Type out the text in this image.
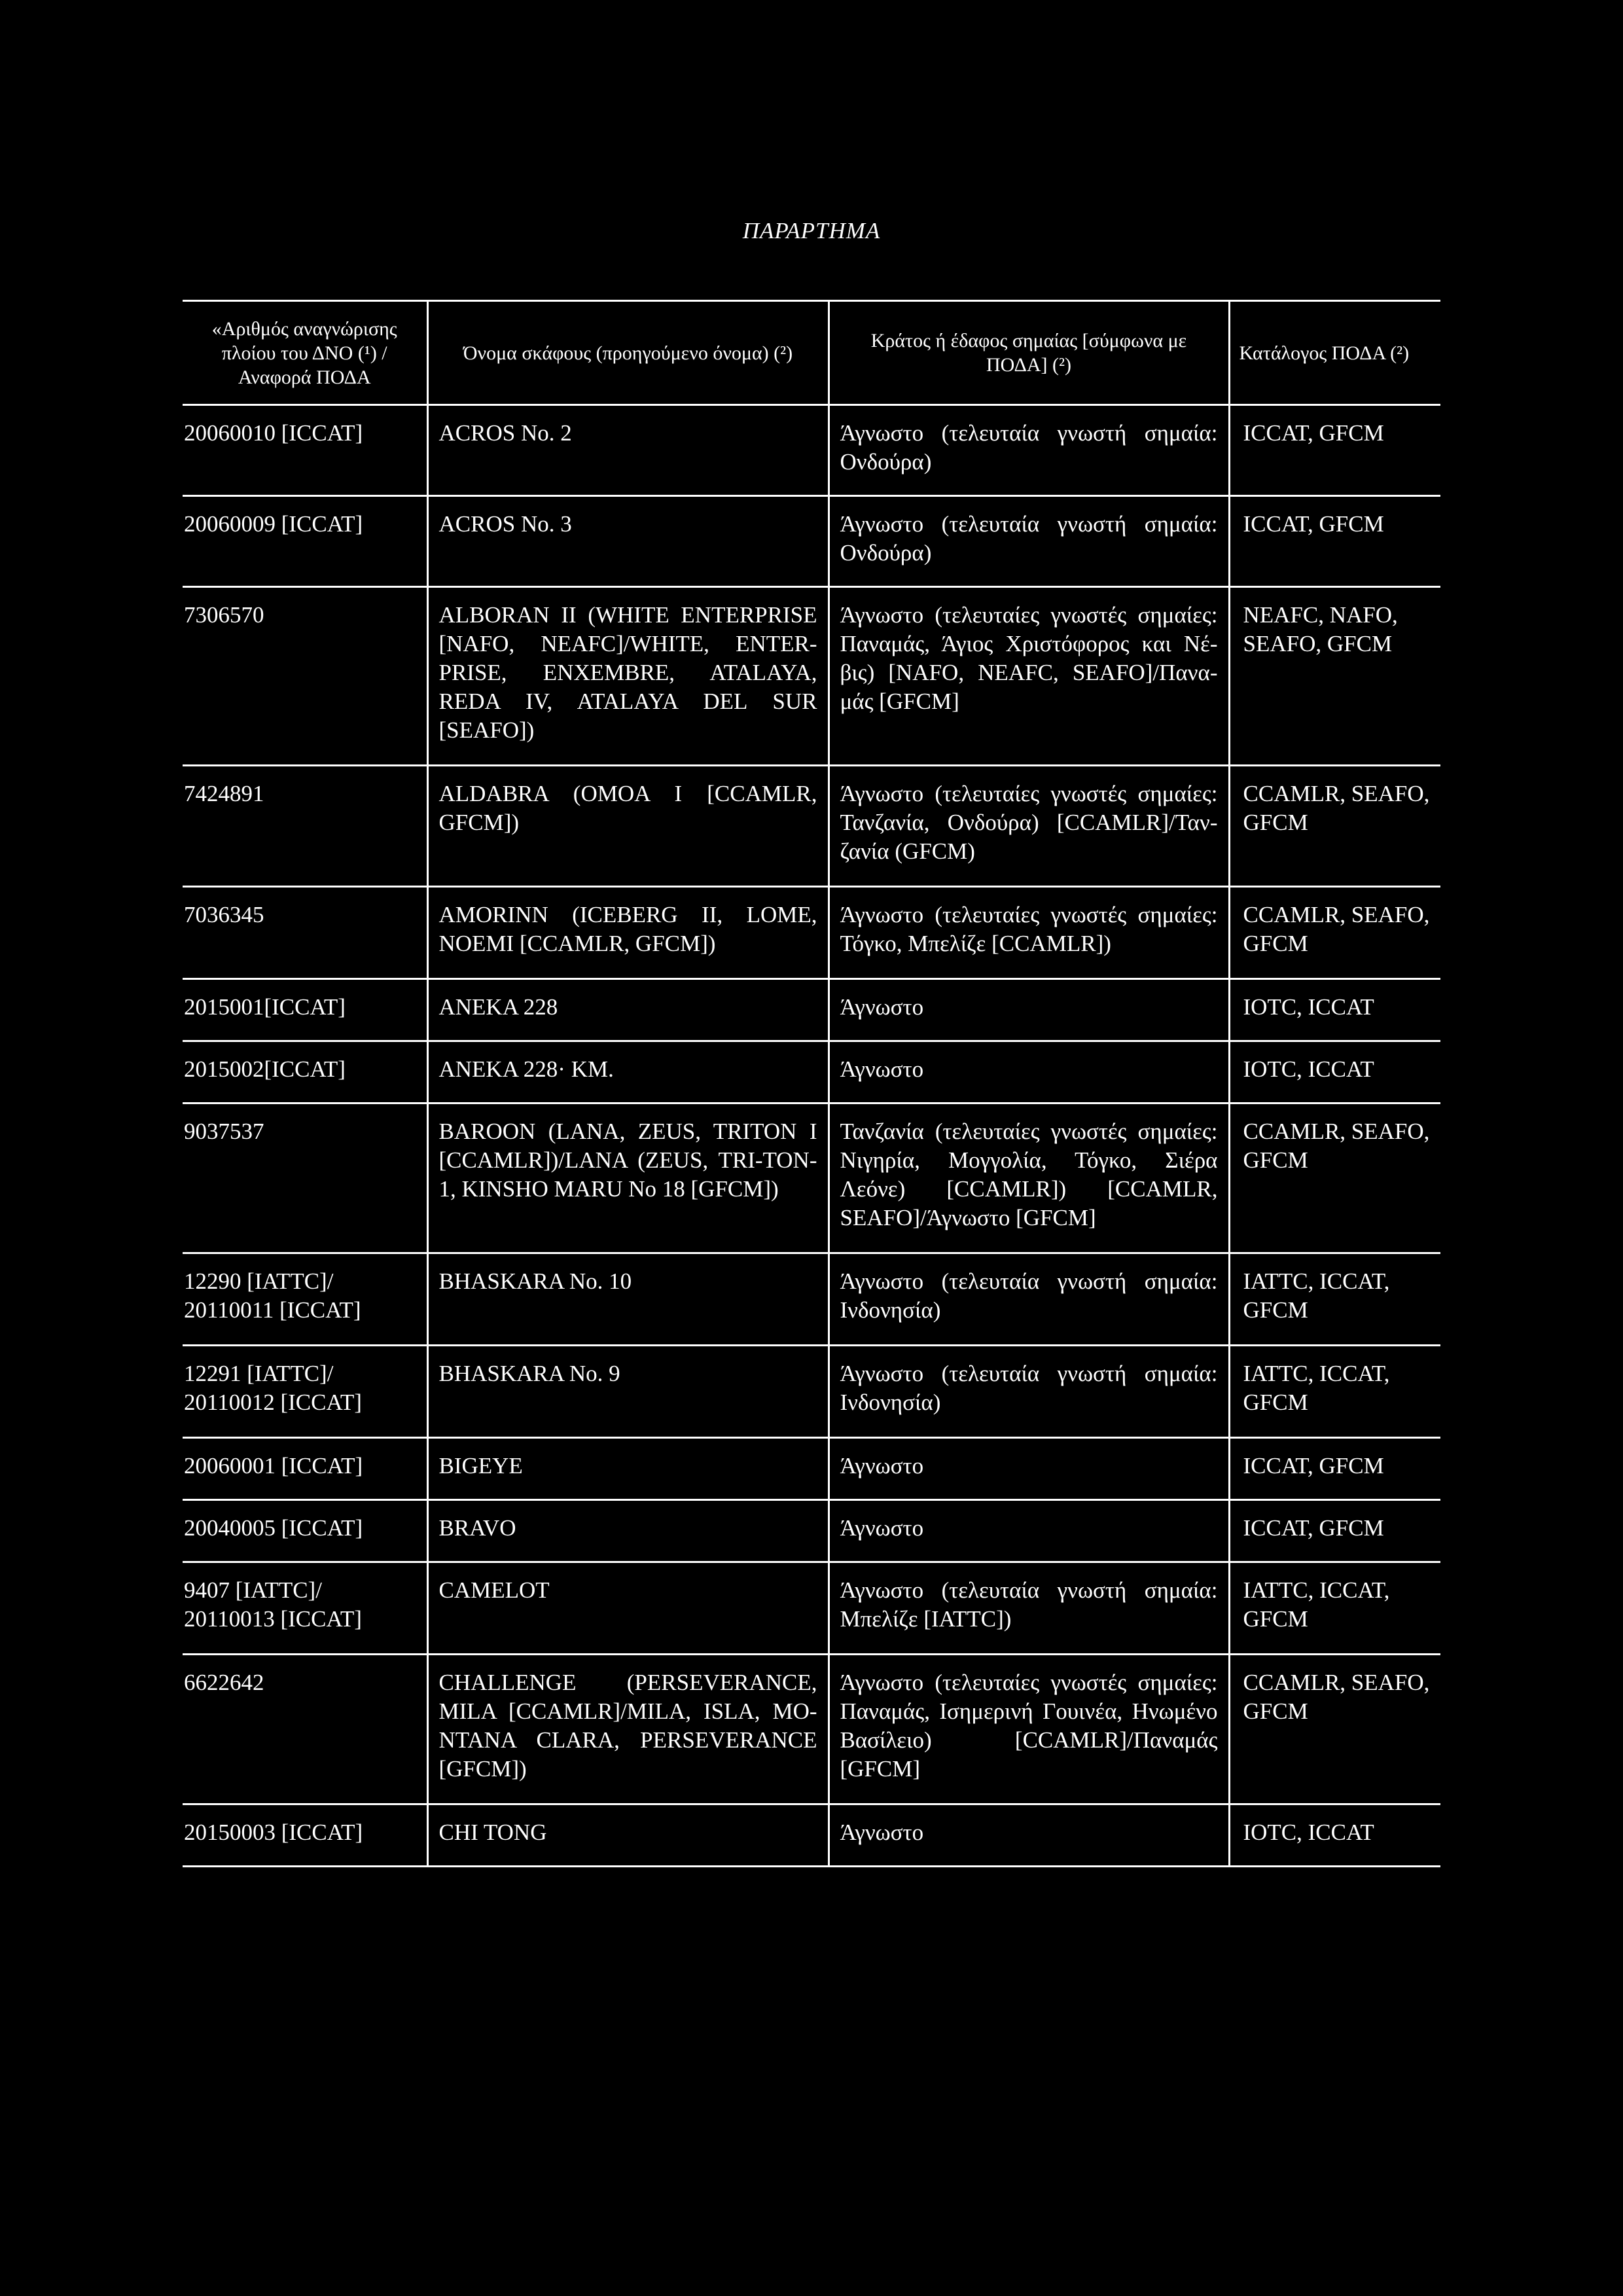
ΠΑΡΑΡΤΗΜΑ
«Αριθμός αναγνώρισης πλοίου του ΔΝΟ (¹) / Αναφορά ΠΟΔΑ	Όνομα σκάφους (προηγούμενο όνομα) (²)	Κράτος ή έδαφος σημαίας [σύμφωνα με ΠΟΔΑ] (²)	Κατάλογος ΠΟΔΑ (²)
20060010 [ICCAT]	ACROS No. 2	Άγνωστο (τελευταία γνωστή σημαία: Ονδούρα)	ICCAT, GFCM
20060009 [ICCAT]	ACROS No. 3	Άγνωστο (τελευταία γνωστή σημαία: Ονδούρα)	ICCAT, GFCM
7306570	ALBORAN II (WHITE ENTERPRISE [NAFO, NEAFC]/WHITE, ENTER-PRISE, ENXEMBRE, ATALAYA, REDA IV, ATALAYA DEL SUR [SEAFO])	Άγνωστο (τελευταίες γνωστές σημαίες: Παναμάς, Άγιος Χριστόφορος και Νέ-βις) [NAFO, NEAFC, SEAFO]/Πανα-μάς [GFCM]	NEAFC, NAFO, SEAFO, GFCM
7424891	ALDABRA (OMOA I [CCAMLR, GFCM])	Άγνωστο (τελευταίες γνωστές σημαίες: Τανζανία, Ονδούρα) [CCAMLR]/Ταν-ζανία (GFCM)	CCAMLR, SEAFO, GFCM
7036345	AMORINN (ICEBERG II, LOME, NOEMI [CCAMLR, GFCM])	Άγνωστο (τελευταίες γνωστές σημαίες: Τόγκο, Μπελίζε [CCAMLR])	CCAMLR, SEAFO, GFCM
2015001[ICCAT]	ANEKA 228	Άγνωστο	IOTC, ICCAT
2015002[ICCAT]	ANEKA 228· KM.	Άγνωστο	IOTC, ICCAT
9037537	BAROON (LANA, ZEUS, TRITON I [CCAMLR])/LANA (ZEUS, TRI-TON-1, KINSHO MARU No 18 [GFCM])	Τανζανία (τελευταίες γνωστές σημαίες: Νιγηρία, Μογγολία, Τόγκο, Σιέρα Λεόνε) [CCAMLR]) [CCAMLR, SEAFO]/Άγνωστο [GFCM]	CCAMLR, SEAFO, GFCM
12290 [IATTC]/ 20110011 [ICCAT]	BHASKARA No. 10	Άγνωστο (τελευταία γνωστή σημαία: Ινδονησία)	IATTC, ICCAT, GFCM
12291 [IATTC]/ 20110012 [ICCAT]	BHASKARA No. 9	Άγνωστο (τελευταία γνωστή σημαία: Ινδονησία)	IATTC, ICCAT, GFCM
20060001 [ICCAT]	BIGEYE	Άγνωστο	ICCAT, GFCM
20040005 [ICCAT]	BRAVO	Άγνωστο	ICCAT, GFCM
9407 [IATTC]/ 20110013 [ICCAT]	CAMELOT	Άγνωστο (τελευταία γνωστή σημαία: Μπελίζε [IATTC])	IATTC, ICCAT, GFCM
6622642	CHALLENGE (PERSEVERANCE, MILA [CCAMLR]/MILA, ISLA, MO-NTANA CLARA, PERSEVERANCE [GFCM])	Άγνωστο (τελευταίες γνωστές σημαίες: Παναμάς, Ισημερινή Γουινέα, Ηνωμένο Βασίλειο) [CCAMLR]/Παναμάς [GFCM]	CCAMLR, SEAFO, GFCM
20150003 [ICCAT]	CHI TONG	Άγνωστο	IOTC, ICCAT
